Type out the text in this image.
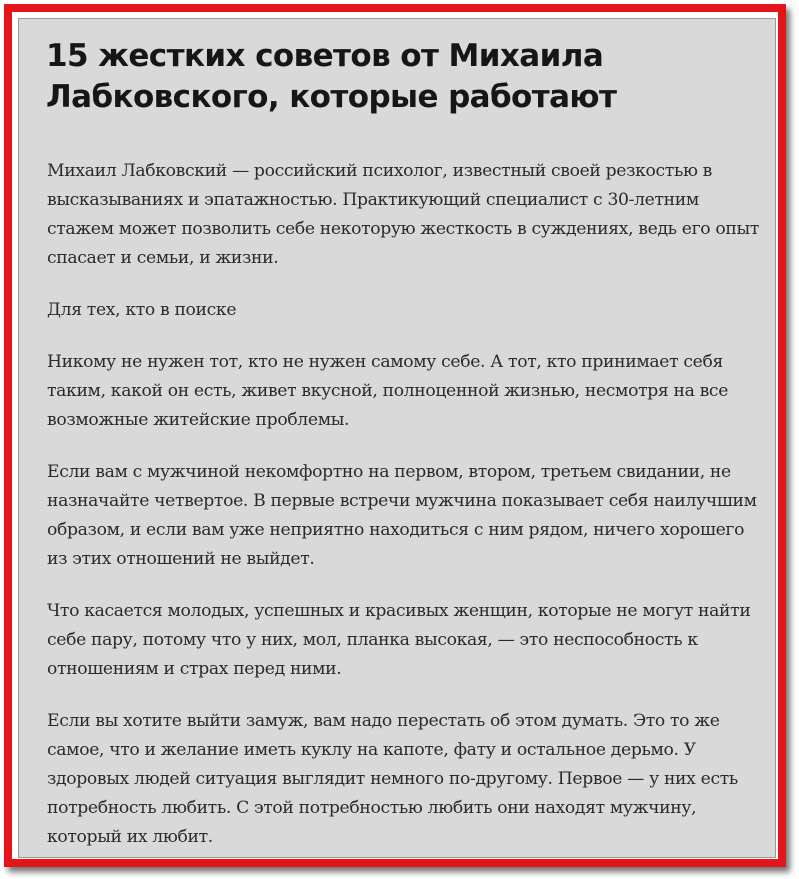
15 жестких советов от Михаила Лабковского, которые работают

Михаил Лабковский — российский психолог, известный своей резкостью в высказываниях и эпатажностью. Практикующий специалист с 30-летним стажем может позволить себе некоторую жесткость в суждениях, ведь его опыт спасает и семьи, и жизни.

Для тех, кто в поиске

Никому не нужен тот, кто не нужен самому себе. А тот, кто принимает себя таким, какой он есть, живет вкусной, полноценной жизнью, несмотря на все возможные житейские проблемы.

Если вам с мужчиной некомфортно на первом, втором, третьем свидании, не назначайте четвертое. В первые встречи мужчина показывает себя наилучшим образом, и если вам уже неприятно находиться с ним рядом, ничего хорошего из этих отношений не выйдет.

Что касается молодых, успешных и красивых женщин, которые не могут найти себе пару, потому что у них, мол, планка высокая, — это неспособность к отношениям и страх перед ними.

Если вы хотите выйти замуж, вам надо перестать об этом думать. Это то же самое, что и желание иметь куклу на капоте, фату и остальное дерьмо. У здоровых людей ситуация выглядит немного по-другому. Первое — у них есть потребность любить. С этой потребностью любить они находят мужчину, который их любит.
